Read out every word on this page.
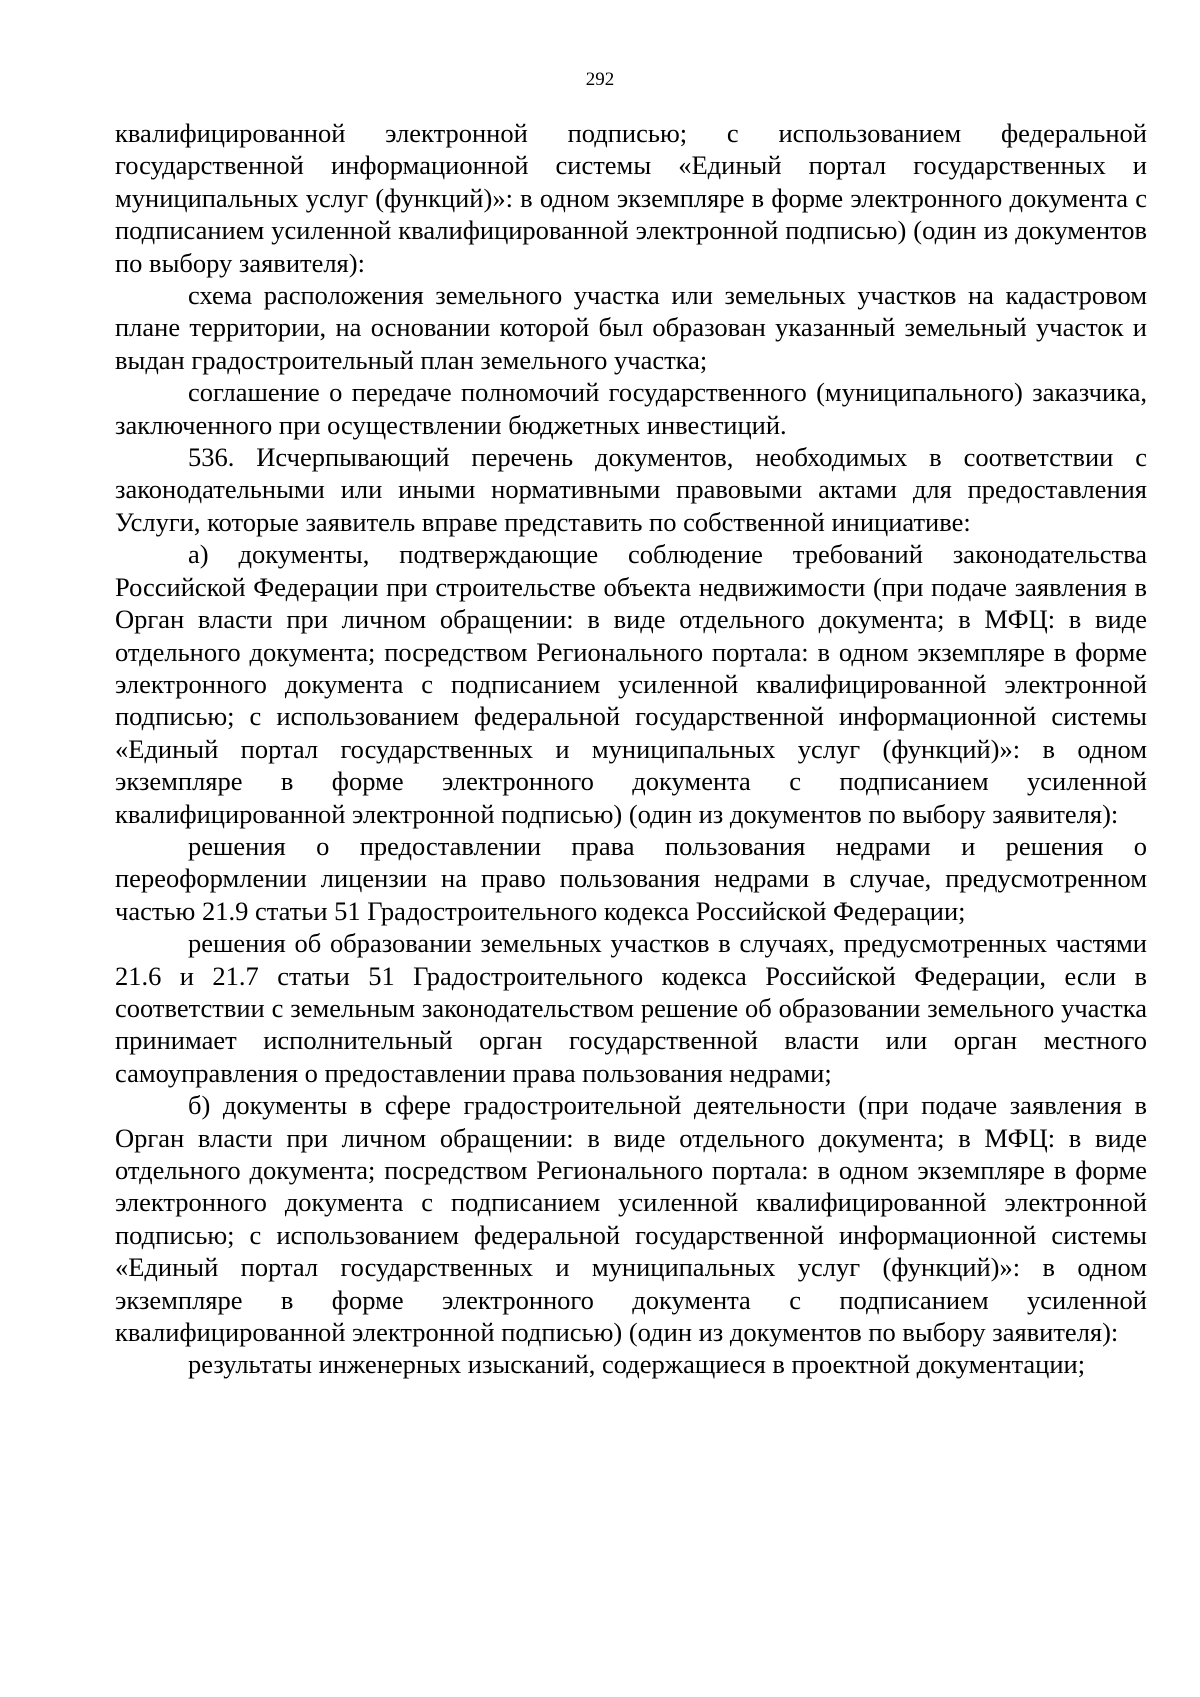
292

квалифицированной электронной подписью; с использованием федеральной государственной информационной системы «Единый портал государственных и муниципальных услуг (функций)»: в одном экземпляре в форме электронного документа с подписанием усиленной квалифицированной электронной подписью) (один из документов по выбору заявителя):

схема расположения земельного участка или земельных участков на кадастровом плане территории, на основании которой был образован указанный земельный участок и выдан градостроительный план земельного участка;

соглашение о передаче полномочий государственного (муниципального) заказчика, заключенного при осуществлении бюджетных инвестиций.

536. Исчерпывающий перечень документов, необходимых в соответствии с законодательными или иными нормативными правовыми актами для предоставления Услуги, которые заявитель вправе представить по собственной инициативе:

а) документы, подтверждающие соблюдение требований законодательства Российской Федерации при строительстве объекта недвижимости (при подаче заявления в Орган власти при личном обращении: в виде отдельного документа; в МФЦ: в виде отдельного документа; посредством Регионального портала: в одном экземпляре в форме электронного документа с подписанием усиленной квалифицированной электронной подписью; с использованием федеральной государственной информационной системы «Единый портал государственных и муниципальных услуг (функций)»: в одном экземпляре в форме электронного документа с подписанием усиленной квалифицированной электронной подписью) (один из документов по выбору заявителя):

решения о предоставлении права пользования недрами и решения о переоформлении лицензии на право пользования недрами в случае, предусмотренном частью 21.9 статьи 51 Градостроительного кодекса Российской Федерации;

решения об образовании земельных участков в случаях, предусмотренных частями 21.6 и 21.7 статьи 51 Градостроительного кодекса Российской Федерации, если в соответствии с земельным законодательством решение об образовании земельного участка принимает исполнительный орган государственной власти или орган местного самоуправления о предоставлении права пользования недрами;

б) документы в сфере градостроительной деятельности (при подаче заявления в Орган власти при личном обращении: в виде отдельного документа; в МФЦ: в виде отдельного документа; посредством Регионального портала: в одном экземпляре в форме электронного документа с подписанием усиленной квалифицированной электронной подписью; с использованием федеральной государственной информационной системы «Единый портал государственных и муниципальных услуг (функций)»: в одном экземпляре в форме электронного документа с подписанием усиленной квалифицированной электронной подписью) (один из документов по выбору заявителя):

результаты инженерных изысканий, содержащиеся в проектной документации;
